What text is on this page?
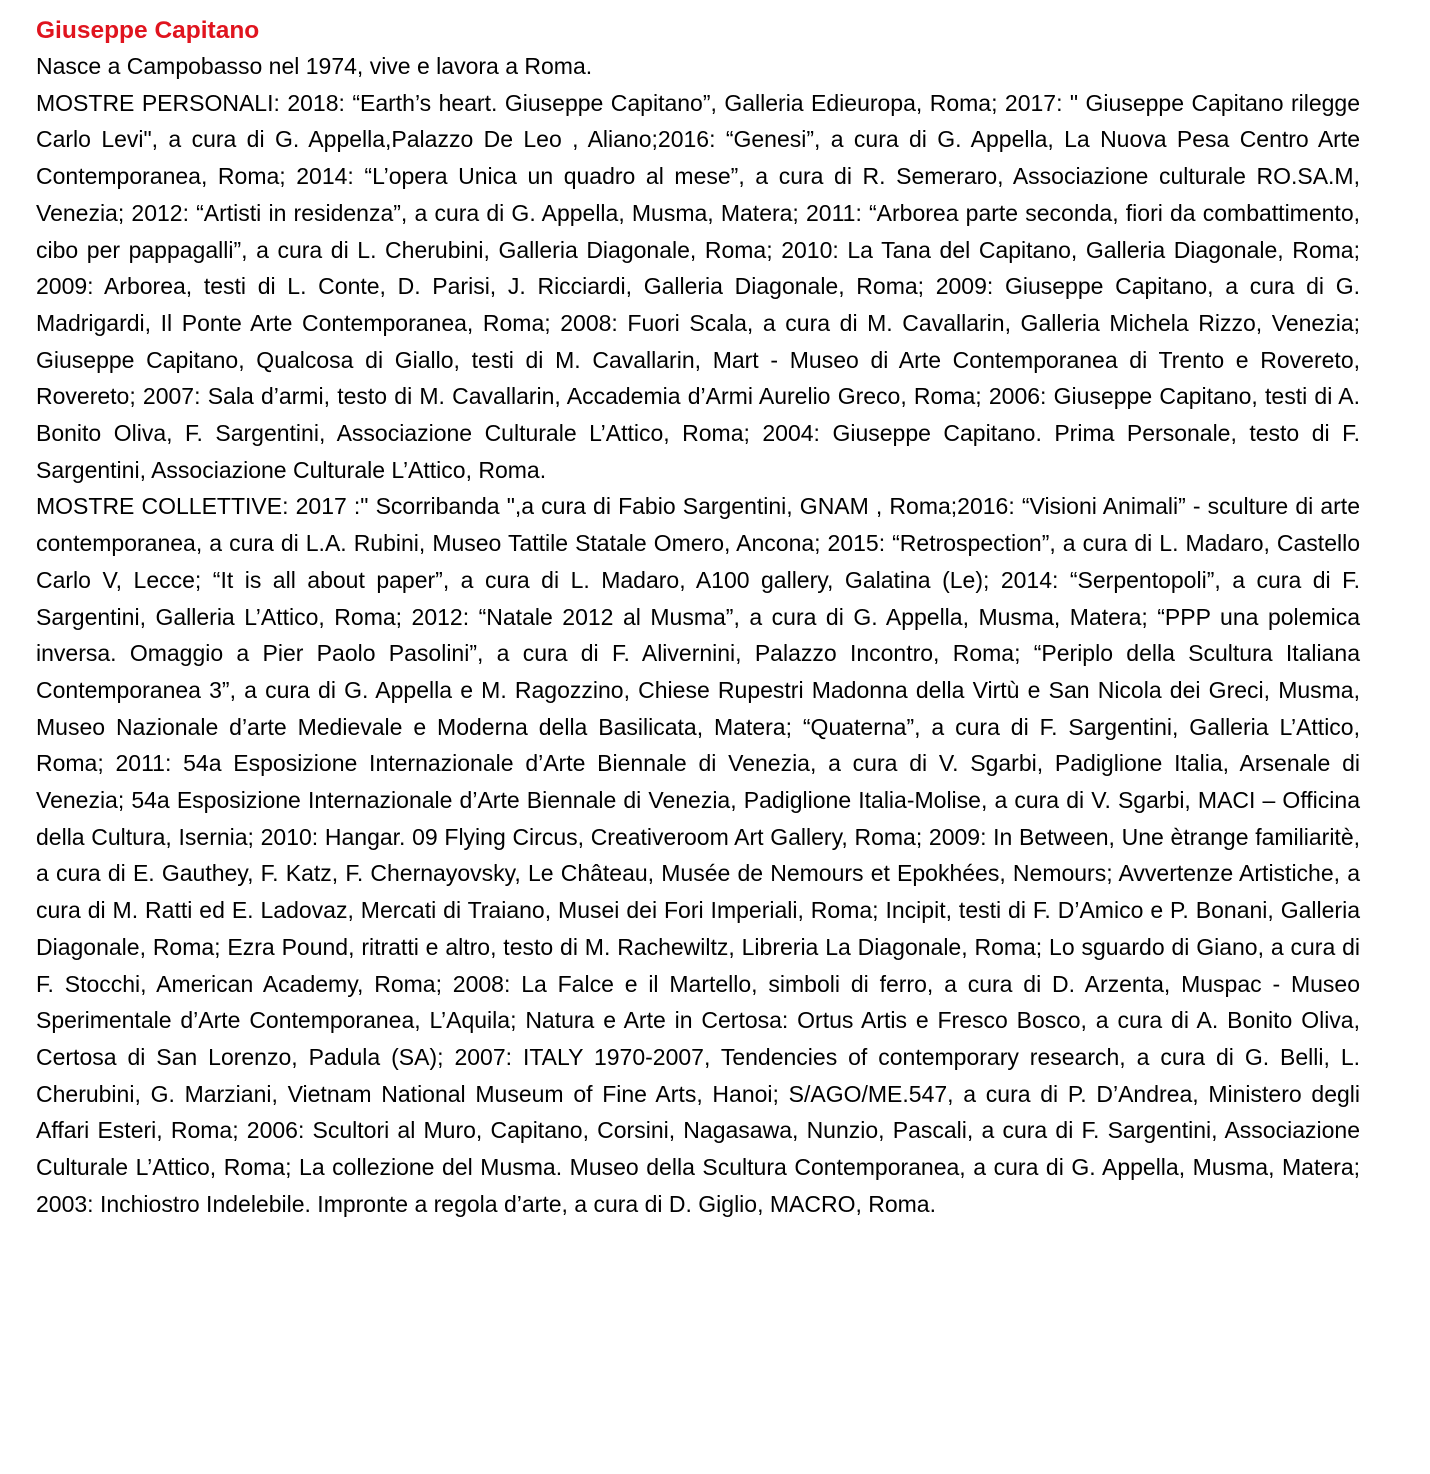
Giuseppe Capitano

Nasce a Campobasso nel 1974, vive e lavora a Roma.

MOSTRE PERSONALI: 2018: “Earth’s heart. Giuseppe Capitano”, Galleria Edieuropa, Roma; 2017: " Giuseppe Capitano rilegge Carlo Levi", a cura di G. Appella,Palazzo De Leo , Aliano;2016: “Genesi”, a cura di G. Appella, La Nuova Pesa Centro Arte Contemporanea, Roma; 2014: “L’opera Unica un quadro al mese”, a cura di R. Semeraro, Associazione culturale RO.SA.M, Venezia; 2012: “Artisti in residenza”, a cura di G. Appella, Musma, Matera; 2011: “Arborea parte seconda, fiori da combattimento, cibo per pappagalli”, a cura di L. Cherubini, Galleria Diagonale, Roma; 2010: La Tana del Capitano, Galleria Diagonale, Roma; 2009: Arborea, testi di L. Conte, D. Parisi, J. Ricciardi, Galleria Diagonale, Roma; 2009: Giuseppe Capitano, a cura di G. Madrigardi, Il Ponte Arte Contemporanea, Roma; 2008: Fuori Scala, a cura di M. Cavallarin, Galleria Michela Rizzo, Venezia; Giuseppe Capitano, Qualcosa di Giallo, testi di M. Cavallarin, Mart - Museo di Arte Contemporanea di Trento e Rovereto, Rovereto; 2007: Sala d’armi, testo di M. Cavallarin, Accademia d’Armi Aurelio Greco, Roma; 2006: Giuseppe Capitano, testi di A. Bonito Oliva, F. Sargentini, Associazione Culturale L’Attico, Roma; 2004: Giuseppe Capitano. Prima Personale, testo di F. Sargentini, Associazione Culturale L’Attico, Roma.

MOSTRE COLLETTIVE: 2017 :" Scorribanda ",a cura di Fabio Sargentini, GNAM , Roma;2016: “Visioni Animali” - sculture di arte contemporanea, a cura di L.A. Rubini, Museo Tattile Statale Omero, Ancona; 2015: “Retrospection”, a cura di L. Madaro, Castello Carlo V, Lecce; “It is all about paper”, a cura di L. Madaro, A100 gallery, Galatina (Le); 2014: “Serpentopoli”, a cura di F. Sargentini, Galleria L’Attico, Roma; 2012: “Natale 2012 al Musma”, a cura di G. Appella, Musma, Matera; “PPP una polemica inversa. Omaggio a Pier Paolo Pasolini”, a cura di F. Alivernini, Palazzo Incontro, Roma; “Periplo della Scultura Italiana Contemporanea 3”, a cura di G. Appella e M. Ragozzino, Chiese Rupestri Madonna della Virtù e San Nicola dei Greci, Musma, Museo Nazionale d’arte Medievale e Moderna della Basilicata, Matera; “Quaterna”, a cura di F. Sargentini, Galleria L’Attico, Roma; 2011: 54a Esposizione Internazionale d’Arte Biennale di Venezia, a cura di V. Sgarbi, Padiglione Italia, Arsenale di Venezia; 54a Esposizione Internazionale d’Arte Biennale di Venezia, Padiglione Italia-Molise, a cura di V. Sgarbi, MACI – Officina della Cultura, Isernia; 2010: Hangar. 09 Flying Circus, Creativeroom Art Gallery, Roma; 2009: In Between, Une ètrange familiaritè, a cura di E. Gauthey, F. Katz, F. Chernayovsky, Le Château, Musée de Nemours et Epokhées, Nemours; Avvertenze Artistiche, a cura di M. Ratti ed E. Ladovaz, Mercati di Traiano, Musei dei Fori Imperiali, Roma; Incipit, testi di F. D’Amico e P. Bonani, Galleria Diagonale, Roma; Ezra Pound, ritratti e altro, testo di M. Rachewiltz, Libreria La Diagonale, Roma; Lo sguardo di Giano, a cura di F. Stocchi, American Academy, Roma; 2008: La Falce e il Martello, simboli di ferro, a cura di D. Arzenta, Muspac - Museo Sperimentale d’Arte Contemporanea, L’Aquila; Natura e Arte in Certosa: Ortus Artis e Fresco Bosco, a cura di A. Bonito Oliva, Certosa di San Lorenzo, Padula (SA); 2007: ITALY 1970-2007, Tendencies of contemporary research, a cura di G. Belli, L. Cherubini, G. Marziani, Vietnam National Museum of Fine Arts, Hanoi; S/AGO/ME.547, a cura di P. D’Andrea, Ministero degli Affari Esteri, Roma; 2006: Scultori al Muro, Capitano, Corsini, Nagasawa, Nunzio, Pascali, a cura di F. Sargentini, Associazione Culturale L’Attico, Roma; La collezione del Musma. Museo della Scultura Contemporanea, a cura di G. Appella, Musma, Matera; 2003: Inchiostro Indelebile. Impronte a regola d’arte, a cura di D. Giglio, MACRO, Roma.
